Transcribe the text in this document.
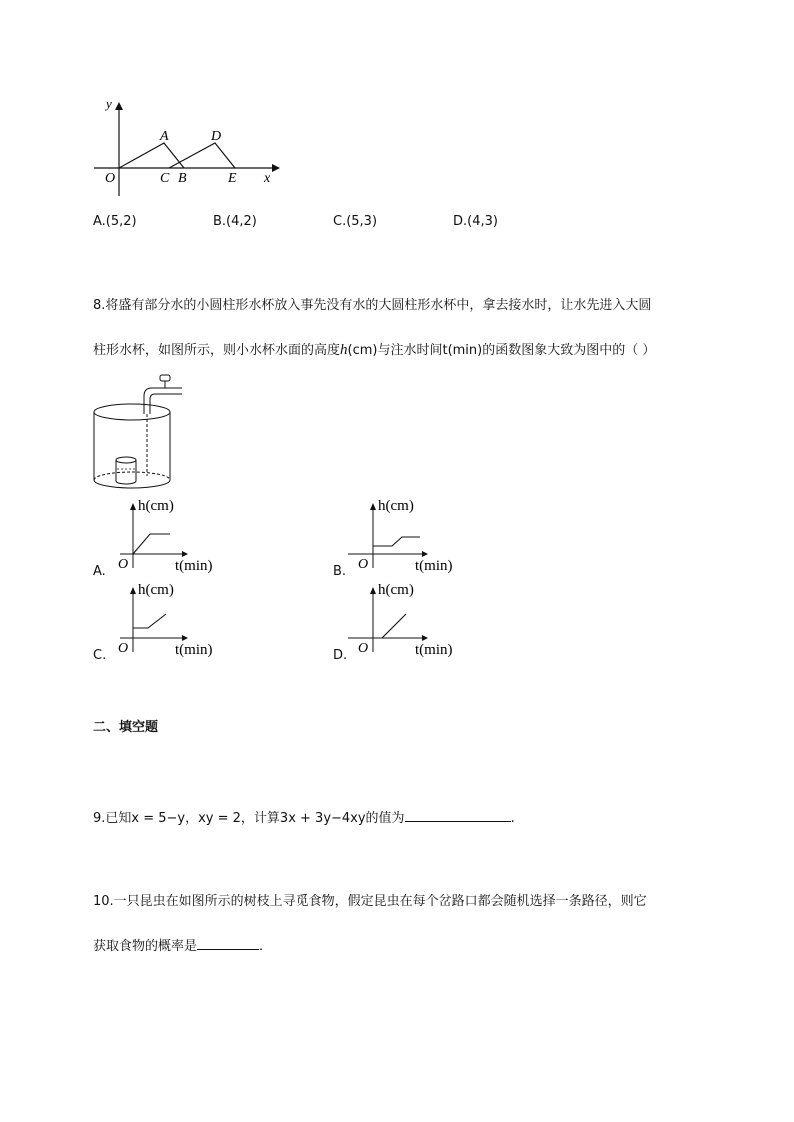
y
x
O
A
B
C
D
E
A.(5,2)	B.(4,2)	C.(5,3)	D.(4,3)
8.将盛有部分水的小圆柱形水杯放入事先没有水的大圆柱形水杯中，拿去接水时，让水先进入大圆
柱形水杯，如图所示，则小水杯水面的高度h(cm)与注水时间t(min)的函数图象大致为图中的（ ）
h(cm)
t(min)
O
A.
h(cm)
t(min)
O
B.
h(cm)
t(min)
O
C.
h(cm)
t(min)
O
D.
二、填空题
9.已知x = 5−y，xy = 2，计算3x + 3y−4xy的值为	.
10.一只昆虫在如图所示的树枝上寻觅食物，假定昆虫在每个岔路口都会随机选择一条路径，则它
获取食物的概率是	.
